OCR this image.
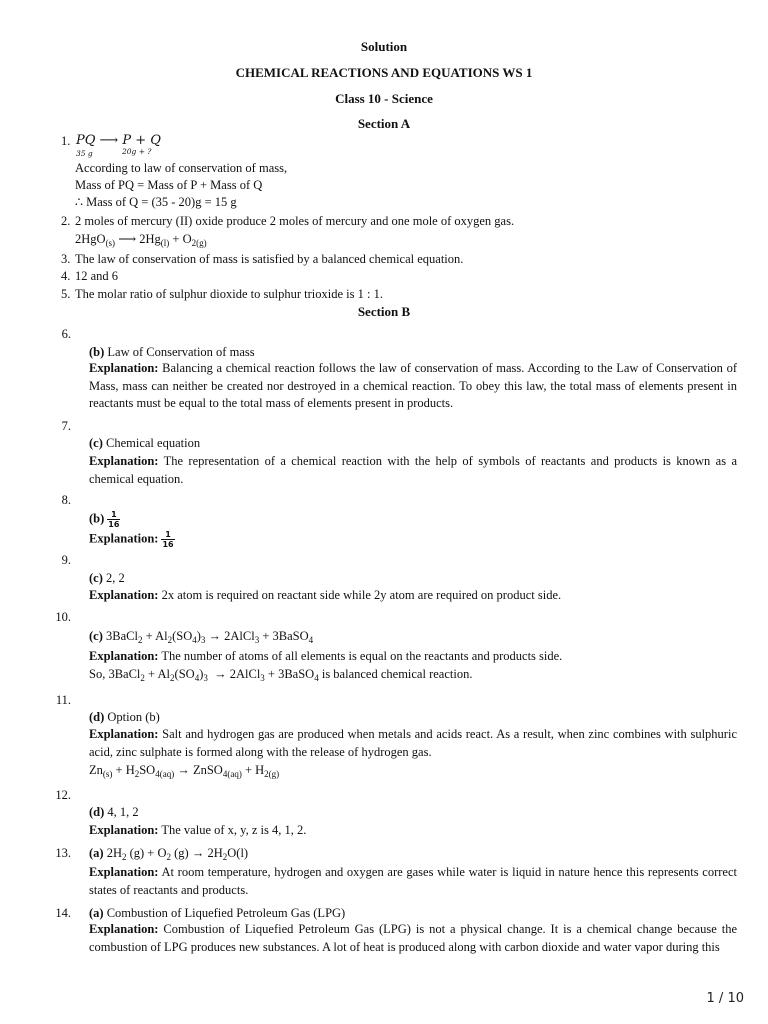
Solution
CHEMICAL REACTIONS AND EQUATIONS WS 1
Class 10 - Science
Section A
1. PQ ⟶ P + Q
35 g	20g + ?
According to law of conservation of mass,
Mass of PQ = Mass of P + Mass of Q
∴ Mass of Q = (35 - 20)g = 15 g
2. 2 moles of mercury (II) oxide produce 2 moles of mercury and one mole of oxygen gas.
2HgO$_{(s)}$ ⟶ $2Hg_{(l)} + O_{2(g)}$
3. The law of conservation of mass is satisfied by a balanced chemical equation.
4. 12 and 6
5. The molar ratio of sulphur dioxide to sulphur trioxide is 1 : 1.
Section B
6.
(b) Law of Conservation of mass
Explanation: Balancing a chemical reaction follows the law of conservation of mass. According to the Law of Conservation of Mass, mass can neither be created nor destroyed in a chemical reaction. To obey this law, the total mass of elements present in reactants must be equal to the total mass of elements present in products.
7.
(c) Chemical equation
Explanation: The representation of a chemical reaction with the help of symbols of reactants and products is known as a chemical equation.
8.
$(b) \frac{1}{16}$
Explanation: $\frac{1}{16}$
9.
(c) 2, 2
Explanation: 2x atom is required on reactant side while 2y atom are required on product side.
10.
(c) 3BaCl$_2$ + $Al_2(SO_4)_3$ → 2AlCl$_3$ + 3BaSO$_4$
Explanation: The number of atoms of all elements is equal on the reactants and products side.
So, 3BaCl$_2$ + $Al_2(SO_4)_3$  → 2AlCl$_3$ + 3BaSO$_4$ is balanced chemical reaction.
11.
(d) Option (b)
Explanation: Salt and hydrogen gas are produced when metals and acids react. As a result, when zinc combines with sulphuric acid, zinc sulphate is formed along with the release of hydrogen gas.
$Zn_{(s)} + H_2SO_{4(aq)}$ → ZnSO$_{4(aq)}$ + $H_{2(g)}$
12.
(d) 4, 1, 2
Explanation: The value of x, y, z is 4, 1, 2.
13. (a) $2H_2$ $(g) + O_2$ $(g) \to 2H_2O(l)$
Explanation: At room temperature, hydrogen and oxygen are gases while water is liquid in nature hence this represents correct states of reactants and products.
14. (a) Combustion of Liquefied Petroleum Gas (LPG)
Explanation: Combustion of Liquefied Petroleum Gas (LPG) is not a physical change. It is a chemical change because the combustion of LPG produces new substances. A lot of heat is produced along with carbon dioxide and water vapor during this
1 / 10
